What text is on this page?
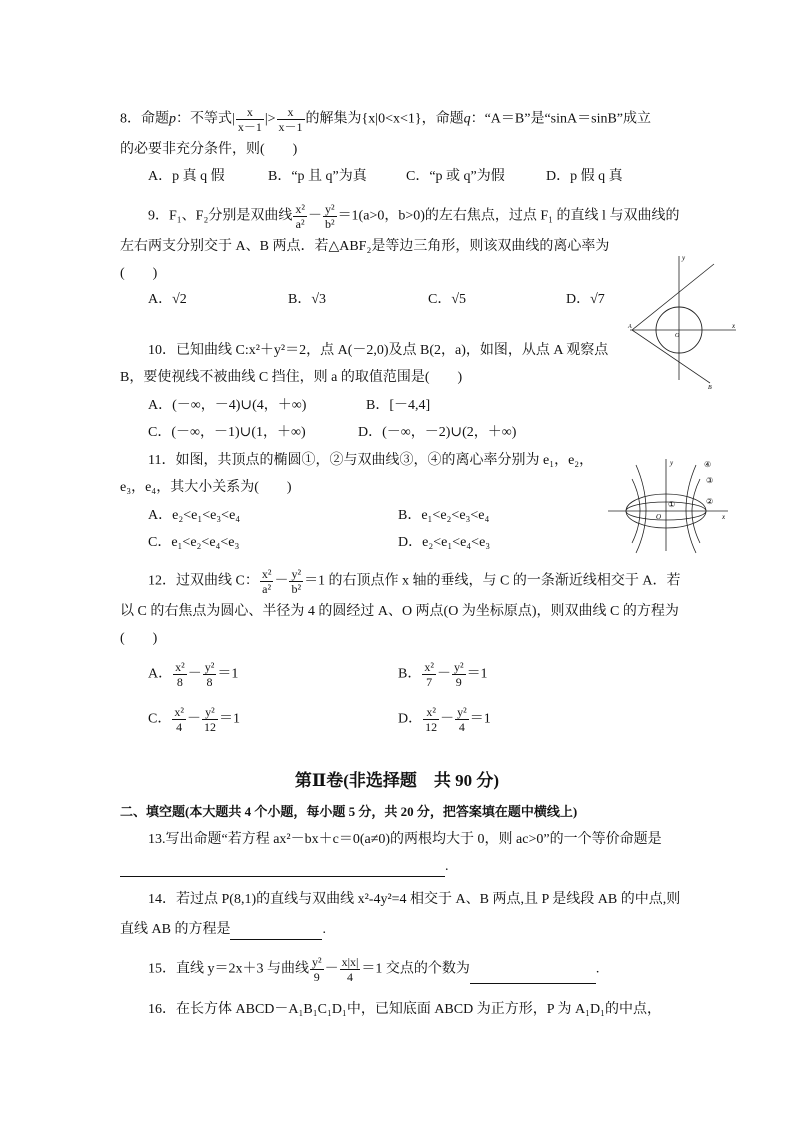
8．命题p：不等式| $\frac{x}{x-1}$ |> $\frac{x}{x-1}$ 的解集为{x|0<x<1}，命题q：“A＝B”是“sinA＝sinB”成立
的必要非充分条件，则(　　)
A．p 真 q 假	B．“p 且 q”为真	C．“p 或 q”为假	D．p 假 q 真
9．F₁、F₂分别是双曲线 $\frac{\text{x²}}{\text{a²}} - \frac{\text{y²}}{\text{b²}} =1(a>0$，b>0)的左右焦点，过点 F₁ 的直线 l 与双曲线的
左右两支分别交于 A、B 两点．若△ABF₂是等边三角形，则该双曲线的离心率为
(　　)
A．√2	B．√3	C．√5	D．√7
y
x
A
O
B
10．已知曲线 C:x²＋y²＝2，点 A(－2,0)及点 B(2，a)，如图，从点 A 观察点
B，要使视线不被曲线 C 挡住，则 a 的取值范围是(　　)
A．(－∞，－4)∪(4，＋∞)	B．[－4,4]
C．(－∞，－1)∪(1，＋∞)	D．(－∞，－2)∪(2，＋∞)
y
x
O
①	②
③
④
11．如图，共顶点的椭圆①，②与双曲线③，④的离心率分别为 e₁，e₂，
e₃，e₄，其大小关系为(　　)
A．e₂<e₁<e₃<e₄	B．e₁<e₂<e₃<e₄
C．e₁<e₂<e₄<e₃	D．e₂<e₁<e₄<e₃
12．过双曲线 C： $\frac{\text{x²}}{\text{a²}} - \frac{\text{y²}}{\text{b²}} =1$ 的右顶点作 x 轴的垂线，与 C 的一条渐近线相交于 A．若
以 C 的右焦点为圆心、半径为 4 的圆经过 A、O 两点(O 为坐标原点)，则双曲线 C 的方程为
(　　)
A． $\frac{\text{x²}}{8} - \frac{\text{y²}}{8} =1$	B． $\frac{\text{x²}}{7} - \frac{\text{y²}}{9} =1$
C． $\frac{\text{x²}}{4} - \frac{\text{y²}}{12} =1$	D． $\frac{\text{x²}}{12} - \frac{\text{y²}}{4} =1$
第Ⅱ卷(非选择题　共 90 分)
二、填空题(本大题共 4 个小题，每小题 5 分，共 20 分，把答案填在题中横线上)
13.写出命题“若方程 ax²－bx＋c＝0(a≠0)的两根均大于 0，则 ac>0”的一个等价命题是
.
14．若过点 P(8,1)的直线与双曲线 x²-4y²=4 相交于 A、B 两点,且 P 是线段 AB 的中点,则
直线 AB 的方程是	.
15．直线 y＝2x＋3 与曲线 $\frac{\text{y²}}{9} - \frac{x|x|}{4} =1$ 交点的个数为	.
16．在长方体 ABCD－A₁B₁C₁D₁中，已知底面 ABCD 为正方形，P 为 A₁D₁的中点，
